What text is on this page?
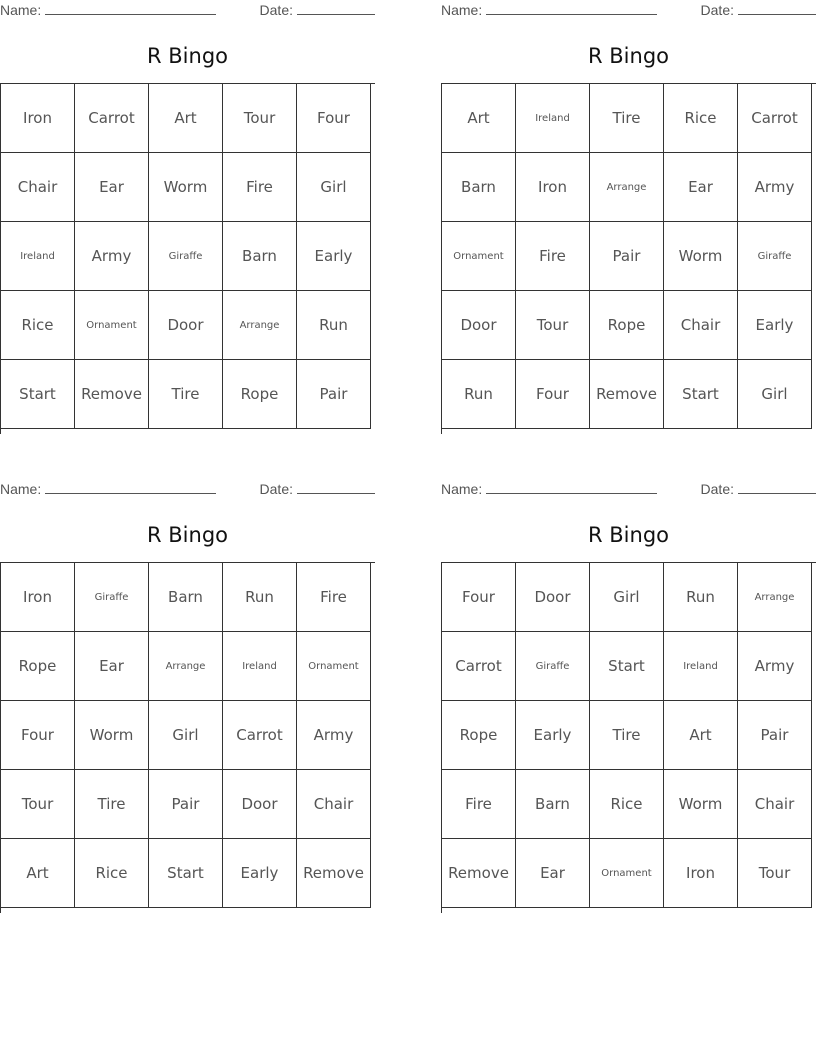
Name:	Date:
R Bingo
Iron	Carrot	Art	Tour	Four
Chair	Ear	Worm	Fire	Girl
Ireland	Army	Giraffe	Barn	Early
Rice	Ornament	Door	Arrange	Run
Start	Remove	Tire	Rope	Pair
Name:	Date:
R Bingo
Art	Ireland	Tire	Rice	Carrot
Barn	Iron	Arrange	Ear	Army
Ornament	Fire	Pair	Worm	Giraffe
Door	Tour	Rope	Chair	Early
Run	Four	Remove	Start	Girl
Name:	Date:
R Bingo
Iron	Giraffe	Barn	Run	Fire
Rope	Ear	Arrange	Ireland	Ornament
Four	Worm	Girl	Carrot	Army
Tour	Tire	Pair	Door	Chair
Art	Rice	Start	Early	Remove
Name:	Date:
R Bingo
Four	Door	Girl	Run	Arrange
Carrot	Giraffe	Start	Ireland	Army
Rope	Early	Tire	Art	Pair
Fire	Barn	Rice	Worm	Chair
Remove	Ear	Ornament	Iron	Tour
